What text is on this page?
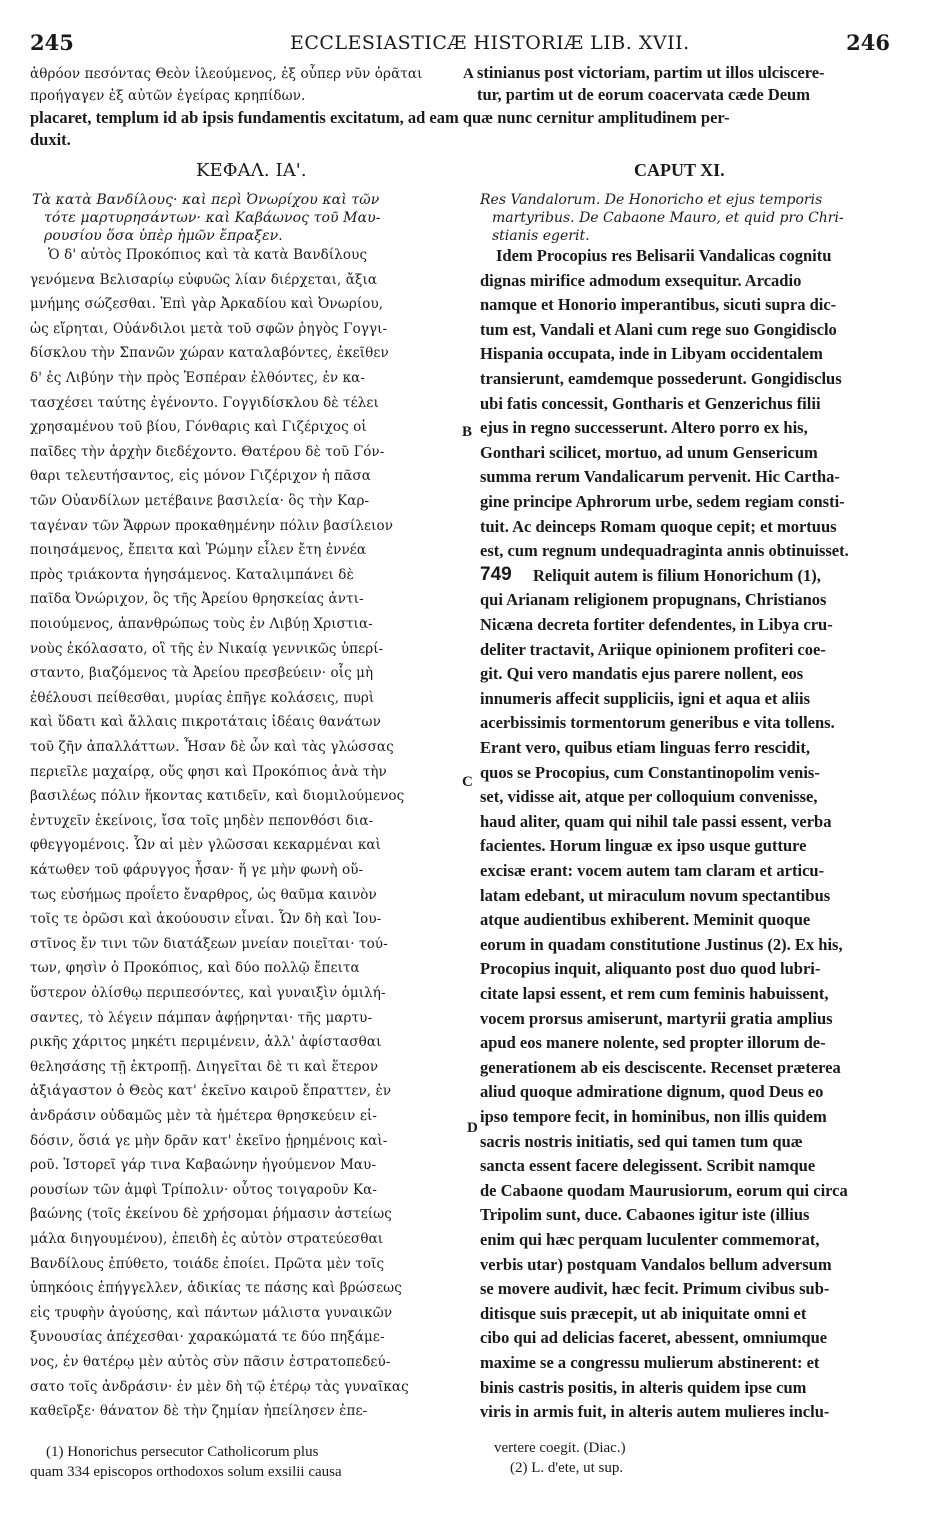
245	ECCLESIASTICÆ HISTORIÆ LIB. XVII.	246
ἀθρόον πεσόντας Θεὸν ἱλεούμενος, ἐξ οὗπερ νῦν ὁρᾶται
προήγαγεν ἐξ αὐτῶν ἐγείρας κρηπίδων.
stinianus post victoriam, partim ut illos ulciscere-
tur, partim ut de eorum coacervata cæde Deum
placaret, templum id ab ipsis fundamentis excitatum, ad eam quæ nunc cernitur amplitudinem per-
duxit.
ΚΕΦΑΛ. ΙΑ'.
Τὰ κατὰ Βανδίλους· καὶ περὶ Ὀνωρίχου καὶ τῶν
τότε μαρτυρησάντων· καὶ Καβάωνος τοῦ Μαυ-
ρουσίου ὅσα ὑπὲρ ἡμῶν ἔπραξεν.
Ὁ δ' αὐτὸς Προκόπιος καὶ τὰ κατὰ Βανδίλους
γενόμενα Βελισαρίῳ εὐφυῶς λίαν διέρχεται, ἄξια
μνήμης σώζεσθαι. Ἐπὶ γὰρ Ἀρκαδίου καὶ Ὀνωρίου,
ὡς εἴρηται, Οὐάνδιλοι μετὰ τοῦ σφῶν ῥηγὸς Γογγι-
δίσκλου τὴν Σπανῶν χώραν καταλαβόντες, ἐκεῖθεν
δ' ἐς Λιβύην τὴν πρὸς Ἑσπέραν ἐλθόντες, ἐν κα-
τασχέσει ταύτης ἐγένοντο. Γογγιδίσκλου δὲ τέλει
χρησαμένου τοῦ βίου, Γόνθαρις καὶ Γιζέριχος οἱ
παῖδες τὴν ἀρχὴν διεδέχοντο. Θατέρου δὲ τοῦ Γόν-
θαρι τελευτήσαντος, εἰς μόνον Γιζέριχον ἡ πᾶσα
τῶν Οὐανδίλων μετέβαινε βασιλεία· ὃς τὴν Καρ-
ταγέναν τῶν Ἄφρων προκαθημένην πόλιν βασίλειον
ποιησάμενος, ἔπειτα καὶ Ῥώμην εἶλεν ἔτη ἐννέα
πρὸς τριάκοντα ἡγησάμενος. Καταλιμπάνει δὲ
παῖδα Ὀνώριχον, ὃς τῆς Ἀρείου θρησκείας ἀντι-
ποιούμενος, ἀπανθρώπως τοὺς ἐν Λιβύῃ Χριστια-
νοὺς ἐκόλασατο, οἳ τῆς ἐν Νικαίᾳ γεννικῶς ὑπερί-
σταντο, βιαζόμενος τὰ Ἀρείου πρεσβεύειν· οἷς μὴ
ἐθέλουσι πείθεσθαι, μυρίας ἐπῆγε κολάσεις, πυρὶ
καὶ ὕδατι καὶ ἄλλαις πικροτάταις ἰδέαις θανάτων
τοῦ ζῆν ἀπαλλάττων. Ἦσαν δὲ ὧν καὶ τὰς γλώσσας
περιεῖλε μαχαίρᾳ, οὕς φησι καὶ Προκόπιος ἀνὰ τὴν
βασιλέως πόλιν ἥκοντας κατιδεῖν, καὶ διομιλούμενος
ἐντυχεῖν ἐκείνοις, ἴσα τοῖς μηδὲν πεπονθόσι δια-
φθεγγομένοις. Ὧν αἱ μὲν γλῶσσαι κεκαρμέναι καὶ
κάτωθεν τοῦ φάρυγγος ἦσαν· ἥ γε μὴν φωνὴ οὕ-
τως εὐσήμως προΐετο ἔναρθρος, ὡς θαῦμα καινὸν
τοῖς τε ὁρῶσι καὶ ἀκούουσιν εἶναι. Ὧν δὴ καὶ Ἰου-
στῖνος ἔν τινι τῶν διατάξεων μνείαν ποιεῖται· τού-
των, φησὶν ὁ Προκόπιος, καὶ δύο πολλῷ ἔπειτα
ὕστερον ὀλίσθῳ περιπεσόντες, καὶ γυναιξὶν ὁμιλή-
σαντες, τὸ λέγειν πάμπαν ἀφῄρηνται· τῆς μαρτυ-
ρικῆς χάριτος μηκέτι περιμένειν, ἀλλ' ἀφίστασθαι
θελησάσης τῇ ἐκτροπῇ. Διηγεῖται δὲ τι καὶ ἕτερον
ἀξιάγαστον ὁ Θεὸς κατ' ἐκεῖνο καιροῦ ἔπραττεν, ἐν
ἀνδράσιν οὐδαμῶς μὲν τὰ ἡμέτερα θρησκεύειν εἰ-
δόσιν, ὅσιά γε μὴν δρᾶν κατ' ἐκεῖνο ᾑρημένοις καὶ-
ροῦ. Ἱστορεῖ γάρ τινα Καβαώνην ἡγούμενον Μαυ-
ρουσίων τῶν ἀμφὶ Τρίπολιν· οὗτος τοιγαροῦν Κα-
βαώνης (τοῖς ἐκείνου δὲ χρήσομαι ῥήμασιν ἀστείως
μάλα διηγουμένου), ἐπειδὴ ἐς αὐτὸν στρατεύεσθαι
Βανδίλους ἐπύθετο, τοιάδε ἐποίει. Πρῶτα μὲν τοῖς
ὑπηκόοις ἐπήγγελλεν, ἀδικίας τε πάσης καὶ βρώσεως
εἰς τρυφὴν ἀγούσης, καὶ πάντων μάλιστα γυναικῶν
ξυνουσίας ἀπέχεσθαι· χαρακώματά τε δύο πηξάμε-
νος, ἐν θατέρῳ μὲν αὐτὸς σὺν πᾶσιν ἐστρατοπεδεύ-
σατο τοῖς ἀνδράσιν· ἐν μὲν δὴ τῷ ἑτέρῳ τὰς γυναῖκας
καθεῖρξε· θάνατον δὲ τὴν ζημίαν ἠπείλησεν ἐπε-
CAPUT XI.
Res Vandalorum. De Honoricho et ejus temporis
martyribus. De Cabaone Mauro, et quid pro Chri-
stianis egerit.
Idem Procopius res Belisarii Vandalicas cognitu
dignas mirifice admodum exsequitur. Arcadio
namque et Honorio imperantibus, sicuti supra dic-
tum est, Vandali et Alani cum rege suo Gongidisclo
Hispania occupata, inde in Libyam occidentalem
transierunt, eamdemque possederunt. Gongidisclus
ubi fatis concessit, Gontharis et Genzerichus filii
ejus in regno successerunt. Altero porro ex his,
Gonthari scilicet, mortuo, ad unum Gensericum
summa rerum Vandalicarum pervenit. Hic Cartha-
gine principe Aphrorum urbe, sedem regiam consti-
tuit. Ac deinceps Romam quoque cepit; et mortuus
est, cum regnum undequadraginta annis obtinuisset.
749 Reliquit autem is filium Honorichum (1),
qui Arianam religionem propugnans, Christianos
Nicæna decreta fortiter defendentes, in Libya cru-
deliter tractavit, Ariique opinionem profiteri coe-
git. Qui vero mandatis ejus parere nollent, eos
innumeris affecit suppliciis, igni et aqua et aliis
acerbissimis tormentorum generibus e vita tollens.
Erant vero, quibus etiam linguas ferro rescidit,
quos se Procopius, cum Constantinopolim venis-
set, vidisse ait, atque per colloquium convenisse,
haud aliter, quam qui nihil tale passi essent, verba
facientes. Horum linguæ ex ipso usque gutture
excisæ erant: vocem autem tam claram et articu-
latam edebant, ut miraculum novum spectantibus
atque audientibus exhiberent. Meminit quoque
eorum in quadam constitutione Justinus (2). Ex his,
Procopius inquit, aliquanto post duo quod lubri-
citate lapsi essent, et rem cum feminis habuissent,
vocem prorsus amiserunt, martyrii gratia amplius
apud eos manere nolente, sed propter illorum de-
generationem ab eis desciscente. Recenset præterea
aliud quoque admiratione dignum, quod Deus eo
ipso tempore fecit, in hominibus, non illis quidem
sacris nostris initiatis, sed qui tamen tum quæ
sancta essent facere delegissent. Scribit namque
de Cabaone quodam Maurusiorum, eorum qui circa
Tripolim sunt, duce. Cabaones igitur iste (illius
enim qui hæc perquam luculenter commemorat,
verbis utar) postquam Vandalos bellum adversum
se movere audivit, hæc fecit. Primum civibus sub-
ditisque suis præcepit, ut ab iniquitate omni et
cibo qui ad delicias faceret, abessent, omniumque
maxime se a congressu mulierum abstinerent: et
binis castris positis, in alteris quidem ipse cum
viris in armis fuit, in alteris autem mulieres inclu-
A
B
C
D
(1) Honorichus persecutor Catholicorum plus
quam 334 episcopos orthodoxos solum exsilii causa
vertere coegit. (Diac.)
(2) L. d'ete, ut sup.
